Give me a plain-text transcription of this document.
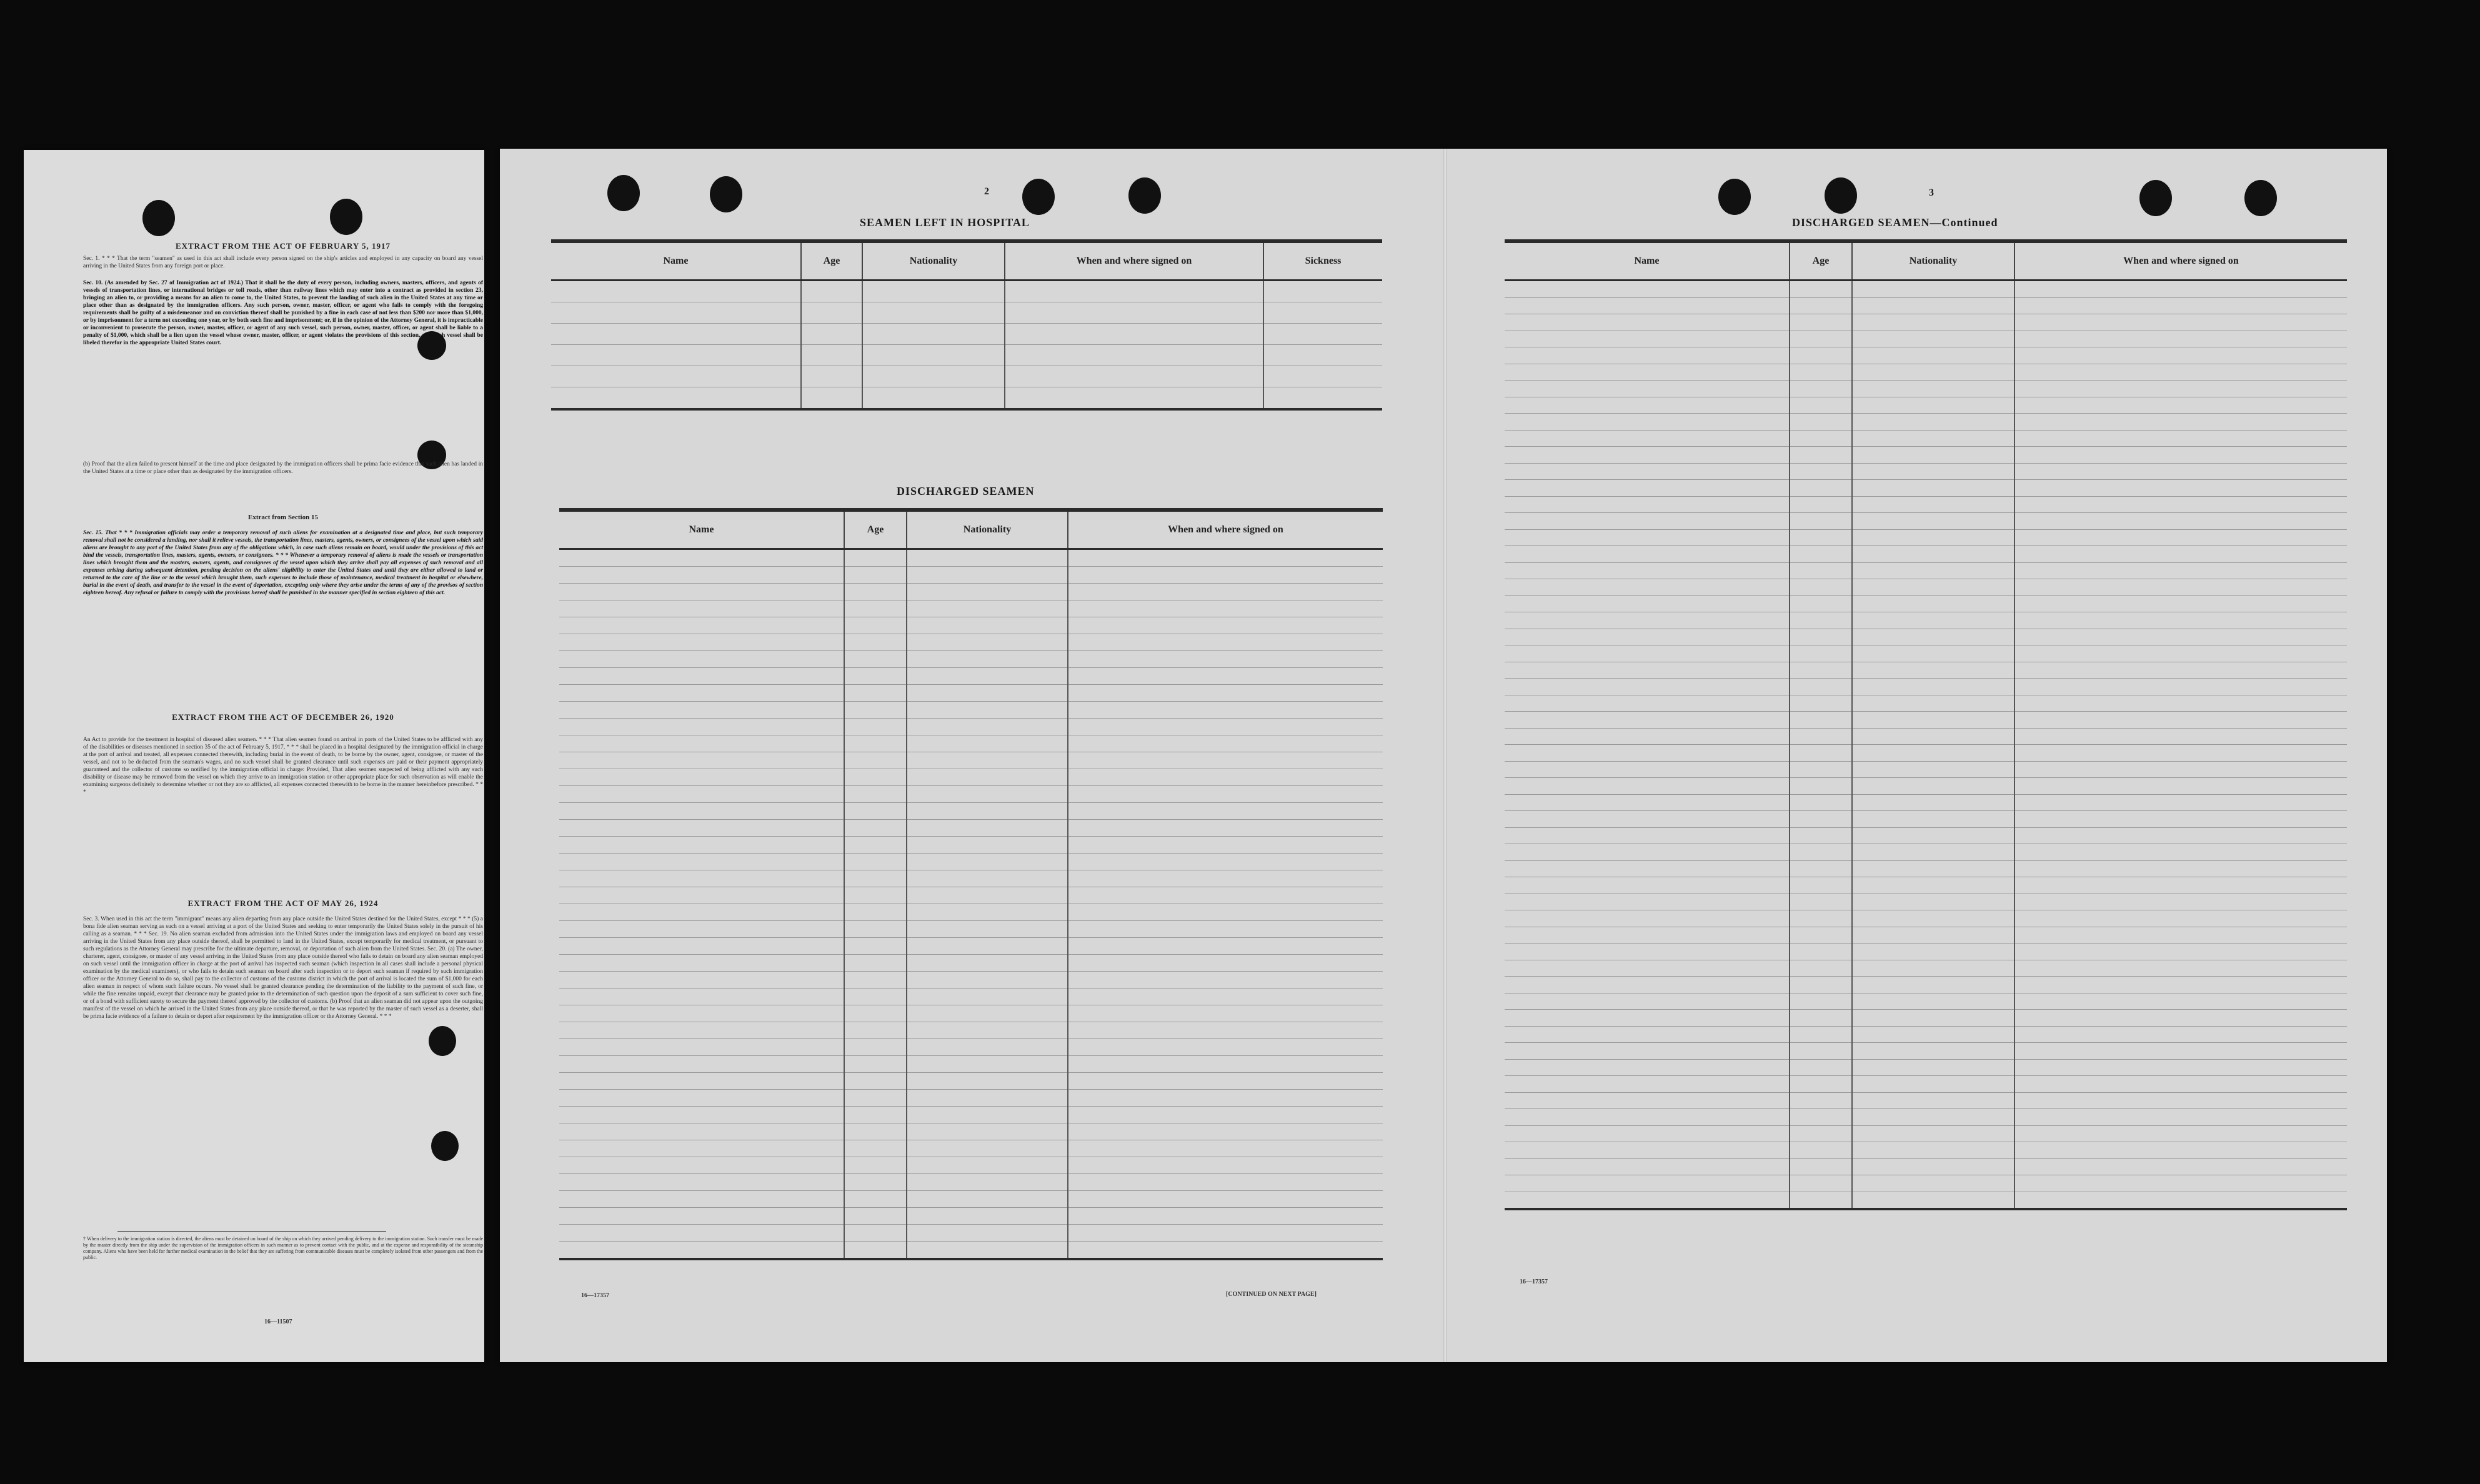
EXTRACT FROM THE ACT OF FEBRUARY 5, 1917
Sec. 1. * * * That the term "seamen" as used in this act shall include every person signed on the ship's articles and employed in any capacity on board any vessel arriving in the United States from any foreign port or place.
Sec. 10. (As amended by Sec. 27 of Immigration act of 1924.) That it shall be the duty of every person, including owners, masters, officers, and agents of vessels of transportation lines, or international bridges or toll roads, other than railway lines which may enter into a contract as provided in section 23, bringing an alien to, or providing a means for an alien to come to, the United States, to prevent the landing of such alien in the United States at any time or place other than as designated by the immigration officers. Any such person, owner, master, officer, or agent who fails to comply with the foregoing requirements shall be guilty of a misdemeanor and on conviction thereof shall be punished by a fine in each case of not less than $200 nor more than $1,000, or by imprisonment for a term not exceeding one year, or by both such fine and imprisonment; or, if in the opinion of the Attorney General, it is impracticable or inconvenient to prosecute the person, owner, master, officer, or agent of any such vessel, such person, owner, master, officer, or agent shall be liable to a penalty of $1,000, which shall be a lien upon the vessel whose owner, master, officer, or agent violates the provisions of this section, and such vessel shall be libeled therefor in the appropriate United States court.
(b) Proof that the alien failed to present himself at the time and place designated by the immigration officers shall be prima facie evidence that such alien has landed in the United States at a time or place other than as designated by the immigration officers.
Extract from Section 15
Sec. 15. That * * * Immigration officials may order a temporary removal of such aliens for examination at a designated time and place, but such temporary removal shall not be considered a landing, nor shall it relieve vessels, the transportation lines, masters, agents, owners, or consignees of the vessel upon which said aliens are brought to any port of the United States from any of the obligations which, in case such aliens remain on board, would under the provisions of this act bind the vessels, transportation lines, masters, agents, owners, or consignees. * * * Whenever a temporary removal of aliens is made the vessels or transportation lines which brought them and the masters, owners, agents, and consignees of the vessel upon which they arrive shall pay all expenses of such removal and all expenses arising during subsequent detention, pending decision on the aliens' eligibility to enter the United States and until they are either allowed to land or returned to the care of the line or to the vessel which brought them, such expenses to include those of maintenance, medical treatment in hospital or elsewhere, burial in the event of death, and transfer to the vessel in the event of deportation, excepting only where they arise under the terms of any of the provisos of section eighteen hereof. Any refusal or failure to comply with the provisions hereof shall be punished in the manner specified in section eighteen of this act.
EXTRACT FROM THE ACT OF DECEMBER 26, 1920
An Act to provide for the treatment in hospital of diseased alien seamen. * * * That alien seamen found on arrival in ports of the United States to be afflicted with any of the disabilities or diseases mentioned in section 35 of the act of February 5, 1917, * * * shall be placed in a hospital designated by the immigration official in charge at the port of arrival and treated, all expenses connected therewith, including burial in the event of death, to be borne by the owner, agent, consignee, or master of the vessel, and not to be deducted from the seaman's wages, and no such vessel shall be granted clearance until such expenses are paid or their payment appropriately guaranteed and the collector of customs so notified by the immigration official in charge: Provided, That alien seamen suspected of being afflicted with any such disability or disease may be removed from the vessel on which they arrive to an immigration station or other appropriate place for such observation as will enable the examining surgeons definitely to determine whether or not they are so afflicted, all expenses connected therewith to be borne in the manner hereinbefore prescribed. * * *
EXTRACT FROM THE ACT OF MAY 26, 1924
Sec. 3. When used in this act the term "immigrant" means any alien departing from any place outside the United States destined for the United States, except * * * (5) a bona fide alien seaman serving as such on a vessel arriving at a port of the United States and seeking to enter temporarily the United States solely in the pursuit of his calling as a seaman. * * * Sec. 19. No alien seaman excluded from admission into the United States under the immigration laws and employed on board any vessel arriving in the United States from any place outside thereof, shall be permitted to land in the United States, except temporarily for medical treatment, or pursuant to such regulations as the Attorney General may prescribe for the ultimate departure, removal, or deportation of such alien from the United States. Sec. 20. (a) The owner, charterer, agent, consignee, or master of any vessel arriving in the United States from any place outside thereof who fails to detain on board any alien seaman employed on such vessel until the immigration officer in charge at the port of arrival has inspected such seaman (which inspection in all cases shall include a personal physical examination by the medical examiners), or who fails to detain such seaman on board after such inspection or to deport such seaman if required by such immigration officer or the Attorney General to do so, shall pay to the collector of customs of the customs district in which the port of arrival is located the sum of $1,000 for each alien seaman in respect of whom such failure occurs. No vessel shall be granted clearance pending the determination of the liability to the payment of such fine, or while the fine remains unpaid, except that clearance may be granted prior to the determination of such question upon the deposit of a sum sufficient to cover such fine, or of a bond with sufficient surety to secure the payment thereof approved by the collector of customs. (b) Proof that an alien seaman did not appear upon the outgoing manifest of the vessel on which he arrived in the United States from any place outside thereof, or that he was reported by the master of such vessel as a deserter, shall be prima facie evidence of a failure to detain or deport after requirement by the immigration officer or the Attorney General. * * *
† When delivery to the immigration station is directed, the aliens must be detained on board of the ship on which they arrived pending delivery to the immigration station. Such transfer must be made by the master directly from the ship under the supervision of the immigration officers in such manner as to prevent contact with the public, and at the expense and responsibility of the steamship company. Aliens who have been held for further medical examination in the belief that they are suffering from communicable diseases must be completely isolated from other passengers and from the public.
16—11507
2
SEAMEN LEFT IN HOSPITAL
Name	Age	Nationality	When and where signed on	Sickness

DISCHARGED SEAMEN
Name	Age	Nationality	When and where signed on

16—17357	[CONTINUED ON NEXT PAGE]
3
DISCHARGED SEAMEN—Continued
Name	Age	Nationality	When and where signed on

16—17357
